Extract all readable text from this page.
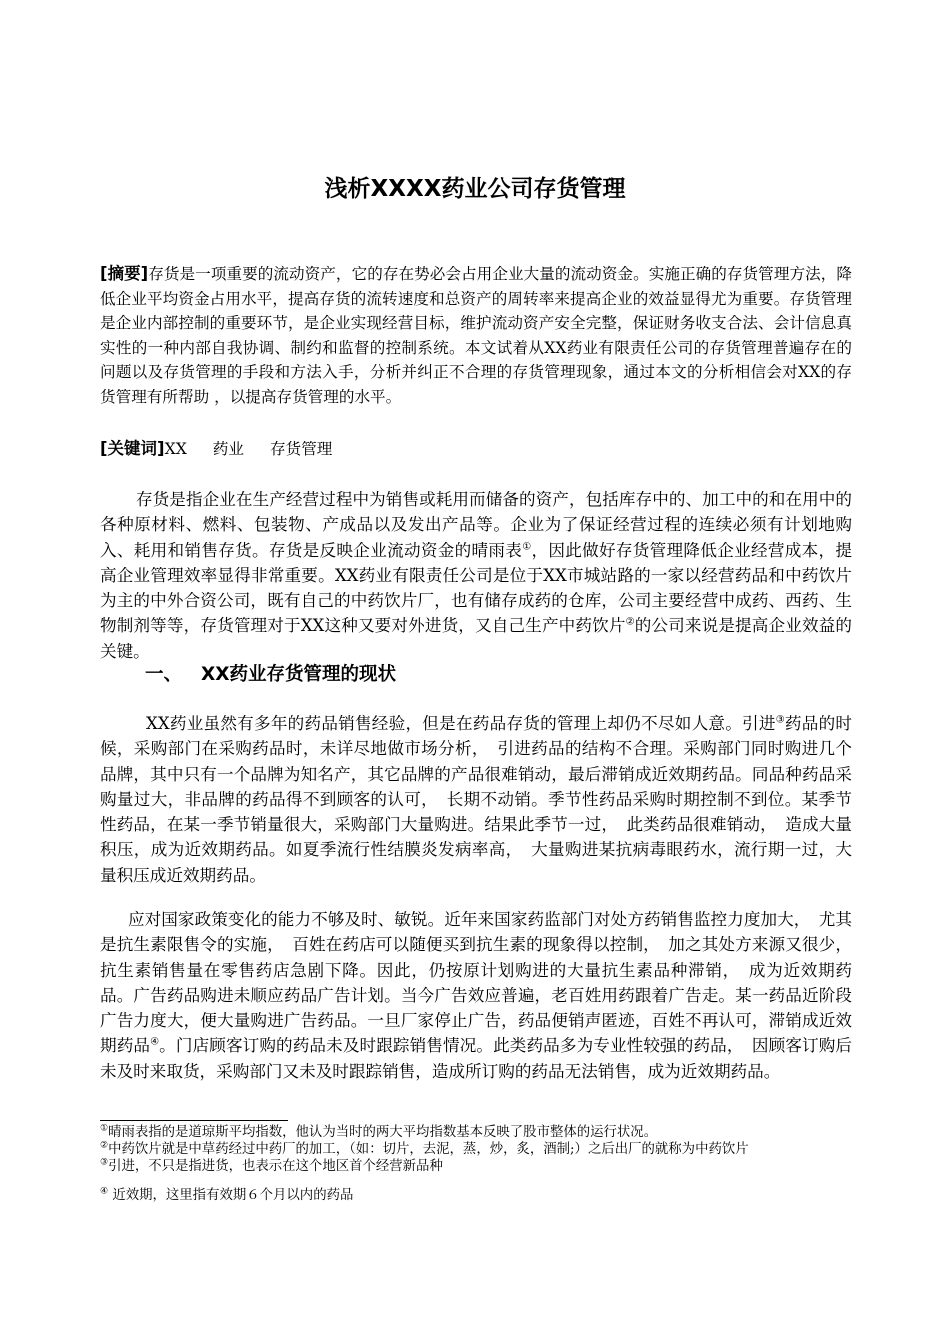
浅析XXXX药业公司存货管理
[摘要]存货是一项重要的流动资产，它的存在势必会占用企业大量的流动资金。实施正确的存货管理方法，降低企业平均资金占用水平，提高存货的流转速度和总资产的周转率来提高企业的效益显得尤为重要。存货管理是企业内部控制的重要环节，是企业实现经营目标，维护流动资产安全完整，保证财务收支合法、会计信息真实性的一种内部自我协调、制约和监督的控制系统。本文试着从XX药业有限责任公司的存货管理普遍存在的问题以及存货管理的手段和方法入手，分析并纠正不合理的存货管理现象，通过本文的分析相信会对XX的存货管理有所帮助 ，以提高存货管理的水平。
[关键词]XX 药业 存货管理
存货是指企业在生产经营过程中为销售或耗用而储备的资产，包括库存中的、加工中的和在用中的各种原材料、燃料、包装物、产成品以及发出产品等。企业为了保证经营过程的连续必须有计划地购入、耗用和销售存货。存货是反映企业流动资金的晴雨表①，因此做好存货管理降低企业经营成本，提高企业管理效率显得非常重要。XX药业有限责任公司是位于XX市城站路的一家以经营药品和中药饮片为主的中外合资公司，既有自己的中药饮片厂，也有储存成药的仓库，公司主要经营中成药、西药、生物制剂等等，存货管理对于XX这种又要对外进货，又自己生产中药饮片②的公司来说是提高企业效益的关键。
一、 XX药业存货管理的现状
XX药业虽然有多年的药品销售经验，但是在药品存货的管理上却仍不尽如人意。引进③药品的时候，采购部门在采购药品时，未详尽地做市场分析，　引进药品的结构不合理。采购部门同时购进几个品牌，其中只有一个品牌为知名产，其它品牌的产品很难销动，最后滞销成近效期药品。同品种药品采购量过大，非品牌的药品得不到顾客的认可，　长期不动销。季节性药品采购时期控制不到位。某季节性药品，在某一季节销量很大，采购部门大量购进。结果此季节一过，　此类药品很难销动，　造成大量积压，成为近效期药品。如夏季流行性结膜炎发病率高，　大量购进某抗病毒眼药水，流行期一过，大量积压成近效期药品。
应对国家政策变化的能力不够及时、敏锐。近年来国家药监部门对处方药销售监控力度加大，　尤其是抗生素限售令的实施，　百姓在药店可以随便买到抗生素的现象得以控制，　加之其处方来源又很少，抗生素销售量在零售药店急剧下降。因此，仍按原计划购进的大量抗生素品种滞销，　成为近效期药品。广告药品购进未顺应药品广告计划。当今广告效应普遍，老百姓用药跟着广告走。某一药品近阶段广告力度大，便大量购进广告药品。一旦厂家停止广告，药品便销声匿迹，百姓不再认可，滞销成近效期药品④。门店顾客订购的药品未及时跟踪销售情况。此类药品多为专业性较强的药品，　因顾客订购后未及时来取货，采购部门又未及时跟踪销售，造成所订购的药品无法销售，成为近效期药品。

①晴雨表指的是道琼斯平均指数，他认为当时的两大平均指数基本反映了股市整体的运行状况。

②中药饮片就是中草药经过中药厂的加工，（如：切片，去泥，蒸，炒，炙，酒制;）之后出厂的就称为中药饮片

③引进，不只是指进货，也表示在这个地区首个经营新品种

④ 近效期，这里指有效期６个月以内的药品
